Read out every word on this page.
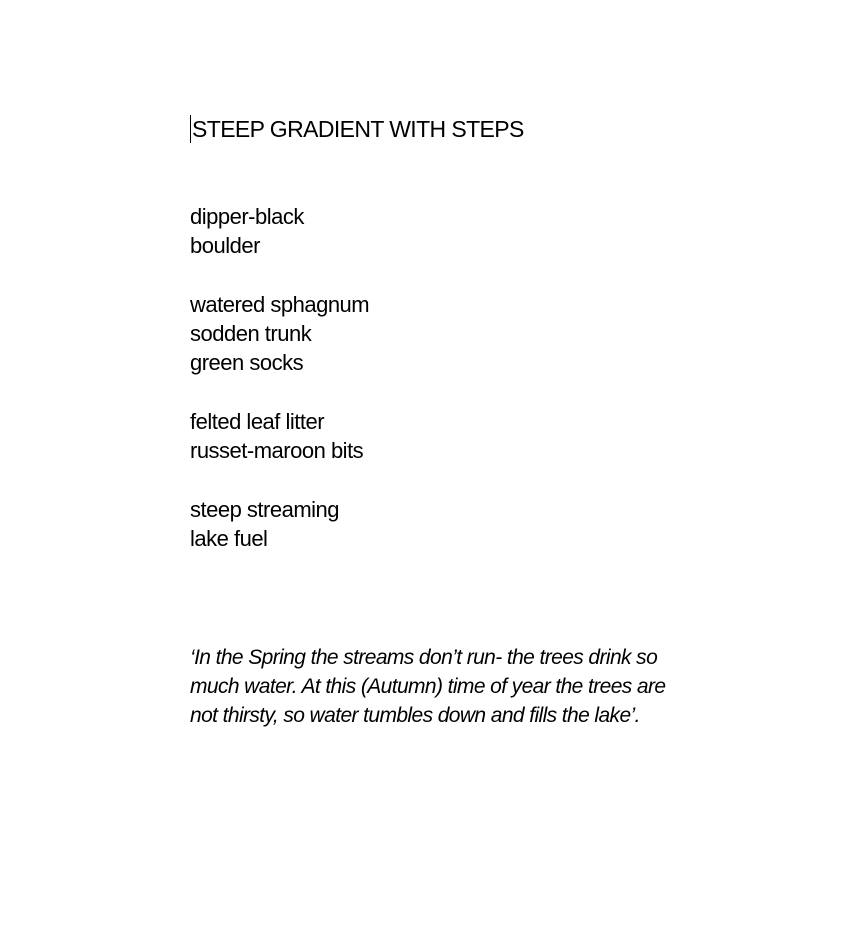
STEEP GRADIENT WITH STEPS
dipper-black
boulder
watered sphagnum
sodden trunk
green socks
felted leaf litter
russet-maroon bits
steep streaming
lake fuel
‘In the Spring the streams don’t run- the trees drink so
much water. At this (Autumn) time of year the trees are
not thirsty, so water tumbles down and fills the lake’.
